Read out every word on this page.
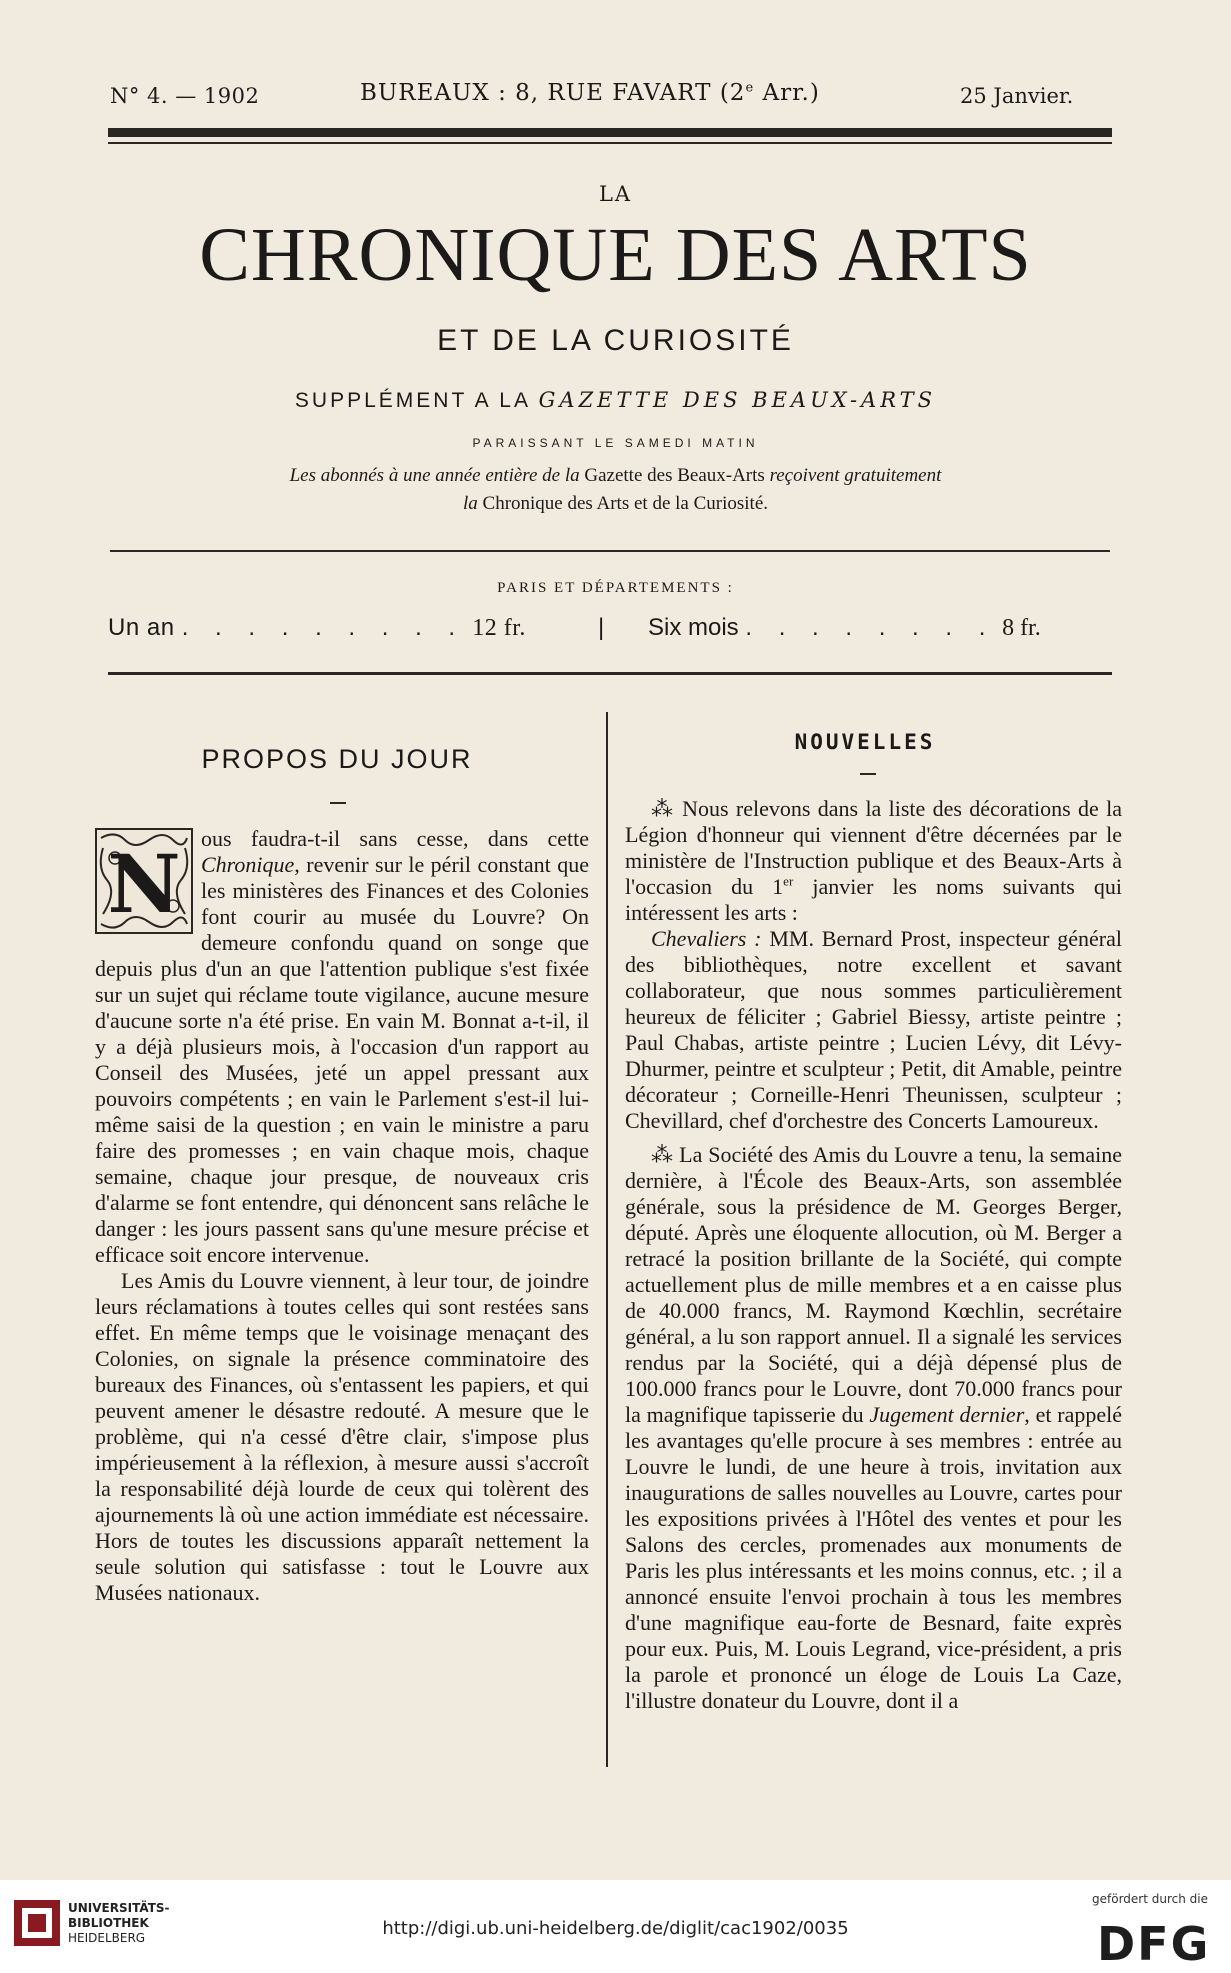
N° 4. — 1902	BUREAUX : 8, RUE FAVART (2e Arr.)	25 Janvier.
LA
CHRONIQUE DES ARTS
ET DE LA CURIOSITÉ
SUPPLÉMENT A LA GAZETTE DES BEAUX-ARTS
PARAISSANT LE SAMEDI MATIN
Les abonnés à une année entière de la Gazette des Beaux-Arts reçoivent gratuitement
la Chronique des Arts et de la Curiosité.
PARIS ET DÉPARTEMENTS :
Un an . . . . . . . . . 12 fr.	| Six mois . . . . . . . . 8 fr.
PROPOS DU JOUR

N ous faudra-t-il sans cesse, dans cette Chronique, revenir sur le péril constant que les ministères des Finances et des Colonies font courir au musée du Louvre? On demeure confondu quand on songe que depuis plus d'un an que l'attention publique s'est fixée sur un sujet qui réclame toute vigilance, aucune mesure d'aucune sorte n'a été prise. En vain M. Bonnat a-t-il, il y a déjà plusieurs mois, à l'occasion d'un rapport au Conseil des Musées, jeté un appel pressant aux pouvoirs compétents ; en vain le Parlement s'est-il lui-même saisi de la question ; en vain le ministre a paru faire des promesses ; en vain chaque mois, chaque semaine, chaque jour presque, de nouveaux cris d'alarme se font entendre, qui dénoncent sans relâche le danger : les jours passent sans qu'une mesure précise et efficace soit encore intervenue.

Les Amis du Louvre viennent, à leur tour, de joindre leurs réclamations à toutes celles qui sont restées sans effet. En même temps que le voisinage menaçant des Colonies, on signale la présence comminatoire des bureaux des Finances, où s'entassent les papiers, et qui peuvent amener le désastre redouté. A mesure que le problème, qui n'a cessé d'être clair, s'impose plus impérieusement à la réflexion, à mesure aussi s'accroît la responsabilité déjà lourde de ceux qui tolèrent des ajournements là où une action immédiate est nécessaire. Hors de toutes les discussions apparaît nettement la seule solution qui satisfasse : tout le Louvre aux Musées nationaux.

NOUVELLES

⁂ Nous relevons dans la liste des décorations de la Légion d'honneur qui viennent d'être décernées par le ministère de l'Instruction publique et des Beaux-Arts à l'occasion du 1er janvier les noms suivants qui intéressent les arts :

Chevaliers : MM. Bernard Prost, inspecteur général des bibliothèques, notre excellent et savant collaborateur, que nous sommes particulièrement heureux de féliciter ; Gabriel Biessy, artiste peintre ; Paul Chabas, artiste peintre ; Lucien Lévy, dit Lévy-Dhurmer, peintre et sculpteur ; Petit, dit Amable, peintre décorateur ; Corneille-Henri Theunissen, sculpteur ; Chevillard, chef d'orchestre des Concerts Lamoureux.

⁂ La Société des Amis du Louvre a tenu, la semaine dernière, à l'École des Beaux-Arts, son assemblée générale, sous la présidence de M. Georges Berger, député. Après une éloquente allocution, où M. Berger a retracé la position brillante de la Société, qui compte actuellement plus de mille membres et a en caisse plus de 40.000 francs, M. Raymond Kœchlin, secrétaire général, a lu son rapport annuel. Il a signalé les services rendus par la Société, qui a déjà dépensé plus de 100.000 francs pour le Louvre, dont 70.000 francs pour la magnifique tapisserie du Jugement dernier, et rappelé les avantages qu'elle procure à ses membres : entrée au Louvre le lundi, de une heure à trois, invitation aux inaugurations de salles nouvelles au Louvre, cartes pour les expositions privées à l'Hôtel des ventes et pour les Salons des cercles, promenades aux monuments de Paris les plus intéressants et les moins connus, etc. ; il a annoncé ensuite l'envoi prochain à tous les membres d'une magnifique eau-forte de Besnard, faite exprès pour eux. Puis, M. Louis Legrand, vice-président, a pris la parole et prononcé un éloge de Louis La Caze, l'illustre donateur du Louvre, dont il a

UNIVERSITÄTS-
BIBLIOTHEK
HEIDELBERG	http://digi.ub.uni-heidelberg.de/diglit/cac1902/0035
gefördert durch die
DFG
